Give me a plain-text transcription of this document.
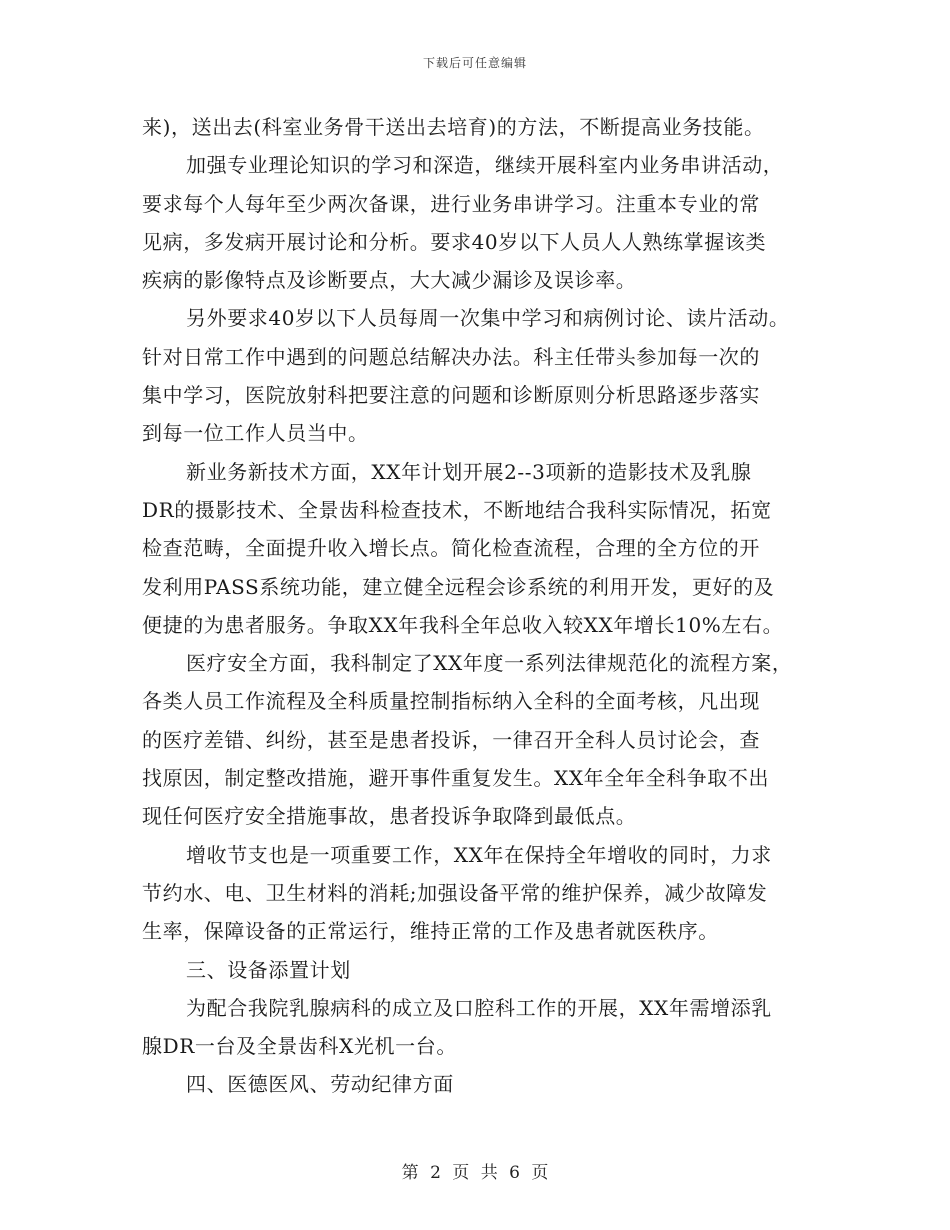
下载后可任意编辑
来)，送出去(科室业务骨干送出去培育)的方法，不断提高业务技能。
加强专业理论知识的学习和深造，继续开展科室内业务串讲活动，
要求每个人每年至少两次备课，进行业务串讲学习。注重本专业的常
见病，多发病开展讨论和分析。要求40岁以下人员人人熟练掌握该类
疾病的影像特点及诊断要点，大大减少漏诊及误诊率。
另外要求40岁以下人员每周一次集中学习和病例讨论、读片活动。
针对日常工作中遇到的问题总结解决办法。科主任带头参加每一次的
集中学习，医院放射科把要注意的问题和诊断原则分析思路逐步落实
到每一位工作人员当中。
新业务新技术方面，XX年计划开展2--3项新的造影技术及乳腺
DR的摄影技术、全景齿科检查技术，不断地结合我科实际情况，拓宽
检查范畴，全面提升收入增长点。简化检查流程，合理的全方位的开
发利用PASS系统功能，建立健全远程会诊系统的利用开发，更好的及
便捷的为患者服务。争取XX年我科全年总收入较XX年增长10%左右。
医疗安全方面，我科制定了XX年度一系列法律规范化的流程方案，
各类人员工作流程及全科质量控制指标纳入全科的全面考核，凡出现
的医疗差错、纠纷，甚至是患者投诉，一律召开全科人员讨论会，查
找原因，制定整改措施，避开事件重复发生。XX年全年全科争取不出
现任何医疗安全措施事故，患者投诉争取降到最低点。
增收节支也是一项重要工作，XX年在保持全年增收的同时，力求
节约水、电、卫生材料的消耗;加强设备平常的维护保养，减少故障发
生率，保障设备的正常运行，维持正常的工作及患者就医秩序。
三、设备添置计划
为配合我院乳腺病科的成立及口腔科工作的开展，XX年需增添乳
腺DR一台及全景齿科X光机一台。
四、医德医风、劳动纪律方面
第 2 页 共 6 页
